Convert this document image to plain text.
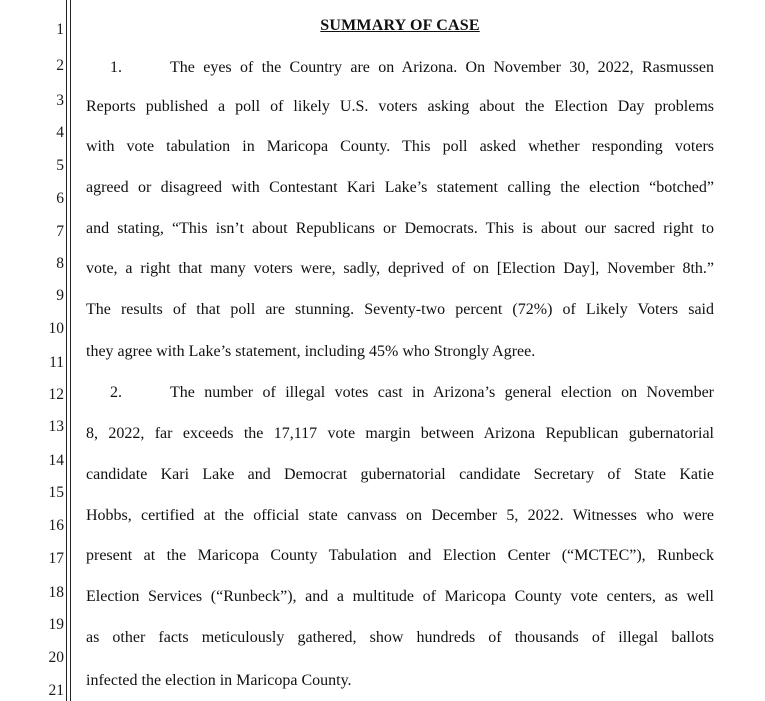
1
2
3
4
5
6
7
8
9
10
11
12
13
14
15
16
17
18
19
20
21
SUMMARY OF CASE
1.	The eyes of the Country are on Arizona. On November 30, 2022, Rasmussen
Reports published a poll of likely U.S. voters asking about the Election Day problems
with vote tabulation in Maricopa County. This poll asked whether responding voters
agreed or disagreed with Contestant Kari Lake’s statement calling the election “botched”
and stating, “This isn’t about Republicans or Democrats. This is about our sacred right to
vote, a right that many voters were, sadly, deprived of on [Election Day], November 8th.”
The results of that poll are stunning. Seventy-two percent (72%) of Likely Voters said
they agree with Lake’s statement, including 45% who Strongly Agree.
2.	The number of illegal votes cast in Arizona’s general election on November
8, 2022, far exceeds the 17,117 vote margin between Arizona Republican gubernatorial
candidate Kari Lake and Democrat gubernatorial candidate Secretary of State Katie
Hobbs, certified at the official state canvass on December 5, 2022. Witnesses who were
present at the Maricopa County Tabulation and Election Center (“MCTEC”), Runbeck
Election Services (“Runbeck”), and a multitude of Maricopa County vote centers, as well
as other facts meticulously gathered, show hundreds of thousands of illegal ballots
infected the election in Maricopa County.
